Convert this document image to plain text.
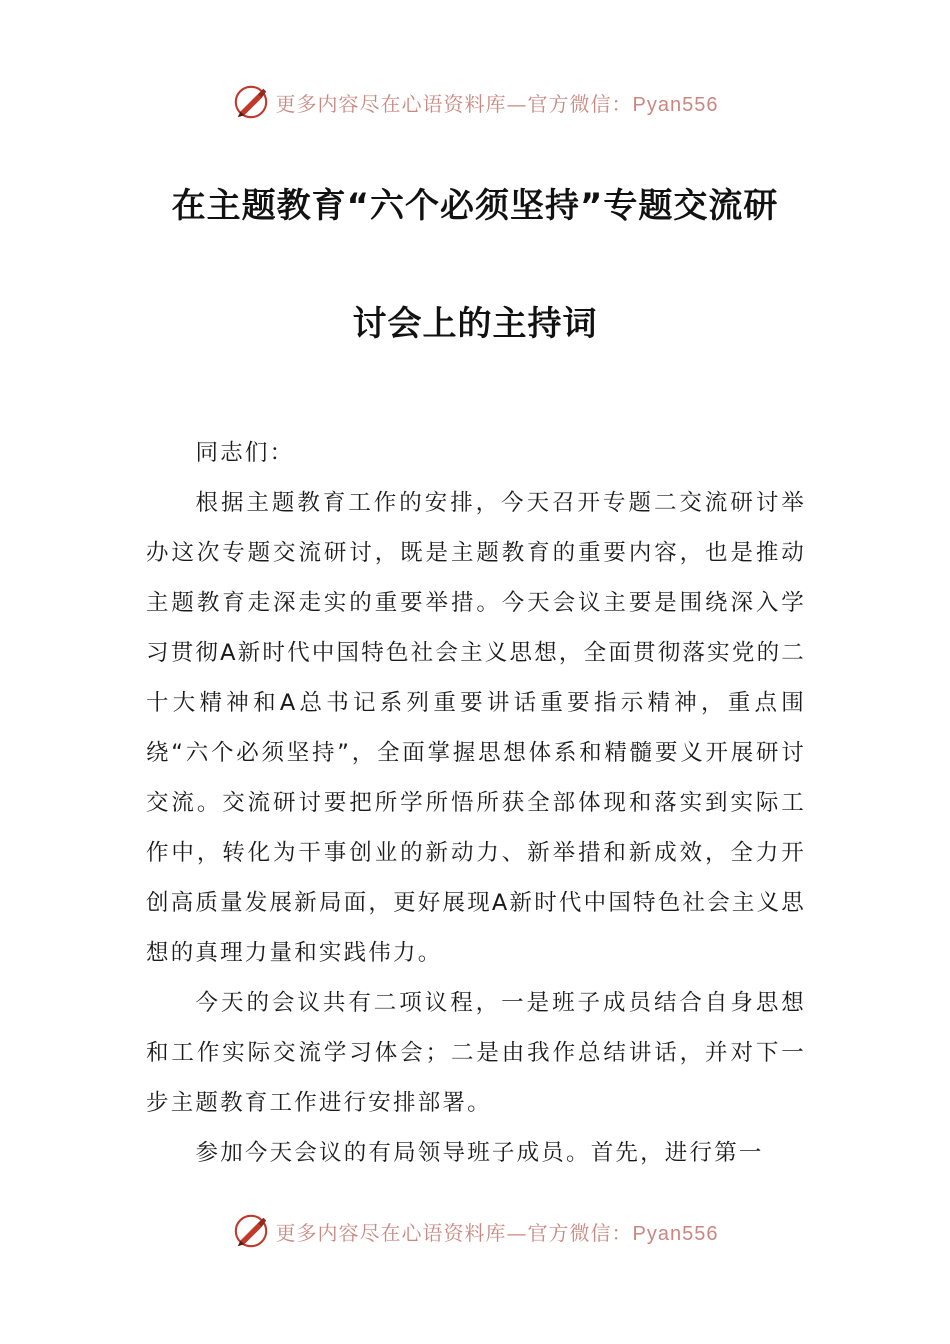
更多内容尽在心语资料库—官方微信：Pyan556
在主题教育“六个必须坚持”专题交流研
讨会上的主持词

同志们：

根据主题教育工作的安排，今天召开专题二交流研讨举办这次专题交流研讨，既是主题教育的重要内容，也是推动主题教育走深走实的重要举措。今天会议主要是围绕深入学习贯彻A新时代中国特色社会主义思想，全面贯彻落实党的二十大精神和A总书记系列重要讲话重要指示精神，重点围绕“六个必须坚持”，全面掌握思想体系和精髓要义开展研讨交流。交流研讨要把所学所悟所获全部体现和落实到实际工作中，转化为干事创业的新动力、新举措和新成效，全力开创高质量发展新局面，更好展现A新时代中国特色社会主义思想的真理力量和实践伟力。

今天的会议共有二项议程，一是班子成员结合自身思想和工作实际交流学习体会；二是由我作总结讲话，并对下一步主题教育工作进行安排部署。

参加今天会议的有局领导班子成员。首先，进行第一

更多内容尽在心语资料库—官方微信：Pyan556
